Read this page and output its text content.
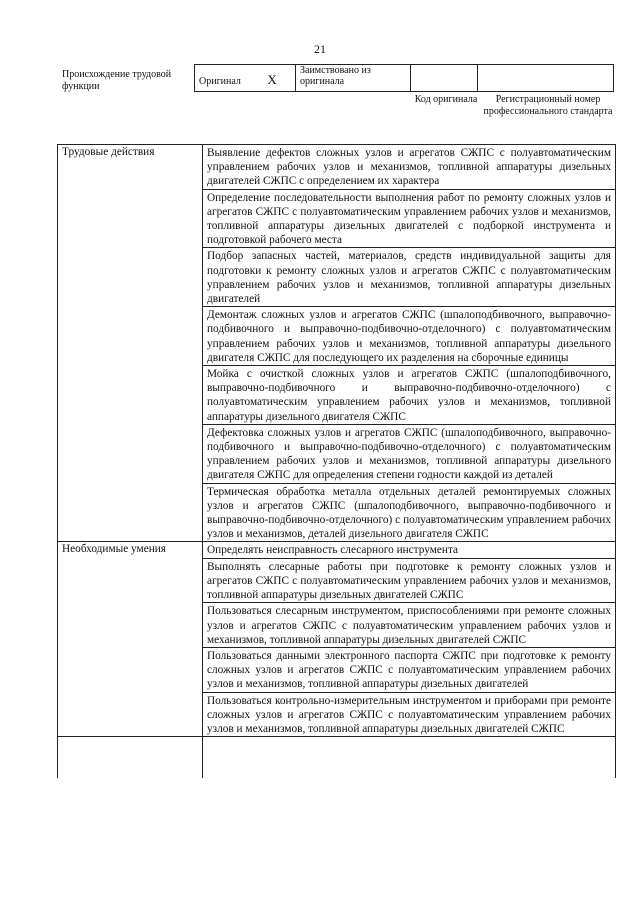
21
Происхождение трудовой функции	Оригинал X	Заимствовано из оригинала		
Код оригинала	Регистрационный номер профессионального стандарта
Трудовые действия	Выявление дефектов сложных узлов и агрегатов СЖПС с полуавтоматическим управлением рабочих узлов и механизмов, топливной аппаратуры дизельных двигателей СЖПС с определением их характера
	Определение последовательности выполнения работ по ремонту сложных узлов и агрегатов СЖПС с полуавтоматическим управлением рабочих узлов и механизмов, топливной аппаратуры дизельных двигателей с подборкой инструмента и подготовкой рабочего места
	Подбор запасных частей, материалов, средств индивидуальной защиты для подготовки к ремонту сложных узлов и агрегатов СЖПС с полуавтоматическим управлением рабочих узлов и механизмов, топливной аппаратуры дизельных двигателей
	Демонтаж сложных узлов и агрегатов СЖПС (шпалоподбивочного, выправочно-подбивочного и выправочно-подбивочно-отделочного) с полуавтоматическим управлением рабочих узлов и механизмов, топливной аппаратуры дизельного двигателя СЖПС для последующего их разделения на сборочные единицы
	Мойка с очисткой сложных узлов и агрегатов СЖПС (шпалоподбивочного, выправочно-подбивочного и выправочно-подбивочно-отделочного) с полуавтоматическим управлением рабочих узлов и механизмов, топливной аппаратуры дизельного двигателя СЖПС
	Дефектовка сложных узлов и агрегатов СЖПС (шпалоподбивочного, выправочно-подбивочного и выправочно-подбивочно-отделочного) с полуавтоматическим управлением рабочих узлов и механизмов, топливной аппаратуры дизельного двигателя СЖПС для определения степени годности каждой из деталей
	Термическая обработка металла отдельных деталей ремонтируемых сложных узлов и агрегатов СЖПС (шпалоподбивочного, выправочно-подбивочного и выправочно-подбивочно-отделочного) с полуавтоматическим управлением рабочих узлов и механизмов, деталей дизельного двигателя СЖПС
Необходимые умения	Определять неисправность слесарного инструмента
	Выполнять слесарные работы при подготовке к ремонту сложных узлов и агрегатов СЖПС с полуавтоматическим управлением рабочих узлов и механизмов, топливной аппаратуры дизельных двигателей СЖПС
	Пользоваться слесарным инструментом, приспособлениями при ремонте сложных узлов и агрегатов СЖПС с полуавтоматическим управлением рабочих узлов и механизмов, топливной аппаратуры дизельных двигателей СЖПС
	Пользоваться данными электронного паспорта СЖПС при подготовке к ремонту сложных узлов и агрегатов СЖПС с полуавтоматическим управлением рабочих узлов и механизмов, топливной аппаратуры дизельных двигателей
	Пользоваться контрольно-измерительным инструментом и приборами при ремонте сложных узлов и агрегатов СЖПС с полуавтоматическим управлением рабочих узлов и механизмов, топливной аппаратуры дизельных двигателей СЖПС
